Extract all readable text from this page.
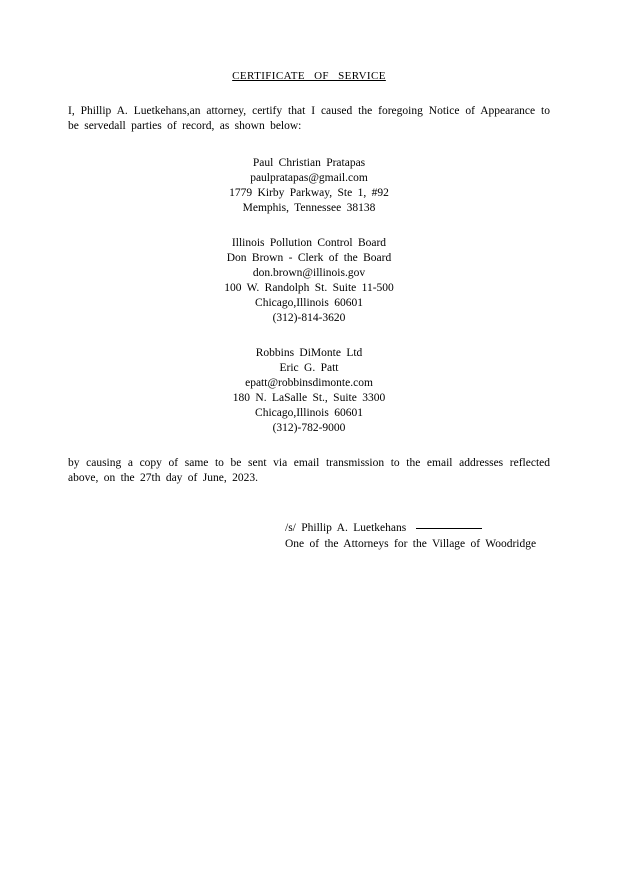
CERTIFICATE OF SERVICE

I, Phillip A. Luetkehans,an attorney, certify that I caused the foregoing Notice of Appearance to be servedall parties of record, as shown below:

Paul Christian Pratapas
paulpratapas@gmail.com
1779 Kirby Parkway, Ste 1, #92
Memphis, Tennessee 38138
Illinois Pollution Control Board
Don Brown - Clerk of the Board
don.brown@illinois.gov
100 W. Randolph St. Suite 11-500
Chicago,Illinois 60601
(312)-814-3620
Robbins DiMonte Ltd
Eric G. Patt
epatt@robbinsdimonte.com
180 N. LaSalle St., Suite 3300
Chicago,Illinois 60601
(312)-782-9000

by causing a copy of same to be sent via email transmission to the email addresses reflected above, on the 27th day of June, 2023.

/s/ Phillip A. Luetkehans
One of the Attorneys for the Village of Woodridge
